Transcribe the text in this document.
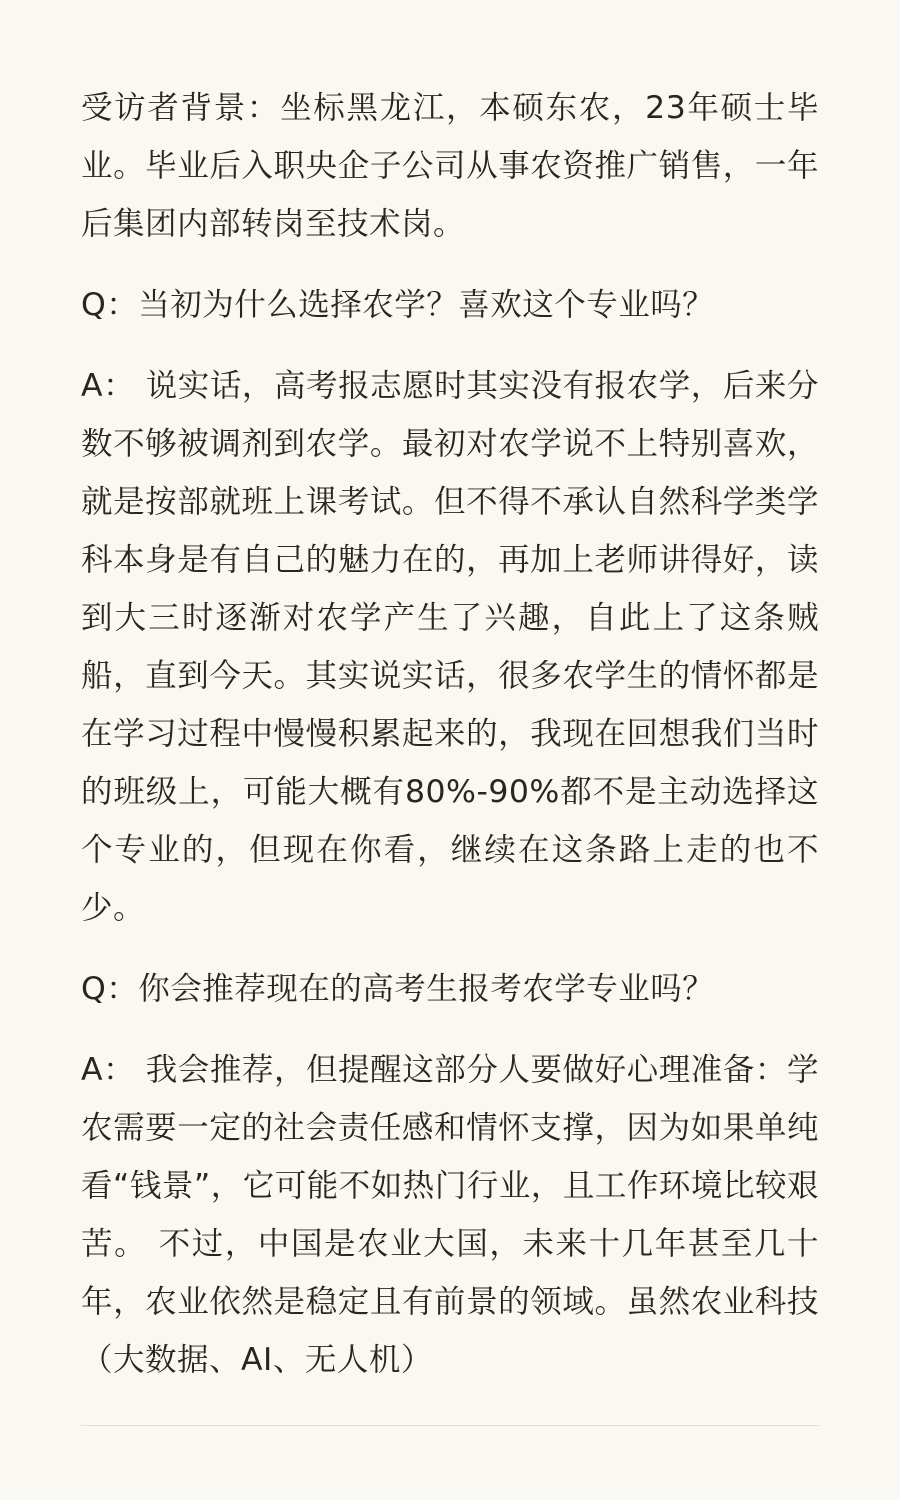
受访者背景：坐标黑龙江，本硕东农，23年硕士毕业。毕业后入职央企子公司从事农资推广销售，一年后集团内部转岗至技术岗。

Q：当初为什么选择农学？喜欢这个专业吗？

A： 说实话，高考报志愿时其实没有报农学，后来分数不够被调剂到农学。最初对农学说不上特别喜欢，就是按部就班上课考试。但不得不承认自然科学类学科本身是有自己的魅力在的，再加上老师讲得好，读到大三时逐渐对农学产生了兴趣，自此上了这条贼船，直到今天。其实说实话，很多农学生的情怀都是在学习过程中慢慢积累起来的，我现在回想我们当时的班级上，可能大概有80%-90%都不是主动选择这个专业的，但现在你看，继续在这条路上走的也不少。

Q：你会推荐现在的高考生报考农学专业吗？

A： 我会推荐，但提醒这部分人要做好心理准备：学农需要一定的社会责任感和情怀支撑，因为如果单纯看“钱景”，它可能不如热门行业，且工作环境比较艰苦。 不过，中国是农业大国，未来十几年甚至几十年，农业依然是稳定且有前景的领域。虽然农业科技（大数据、AI、无人机）
